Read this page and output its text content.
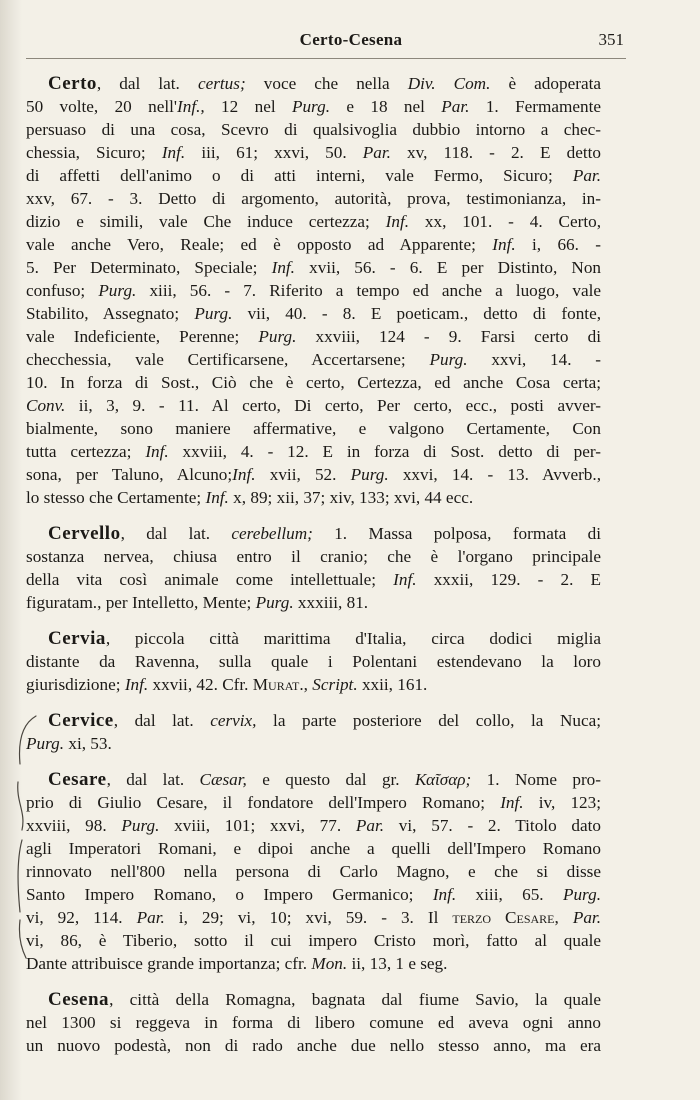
Certo-Cesena	351
Certo, dal lat. certus; voce che nella Div. Com. è adoperata
50 volte, 20 nell'Inf., 12 nel Purg. e 18 nel Par. 1. Fermamente
persuaso di una cosa, Scevro di qualsivoglia dubbio intorno a chec-
chessia, Sicuro; Inf. iii, 61; xxvi, 50. Par. xv, 118. - 2. E detto
di affetti dell'animo o di atti interni, vale Fermo, Sicuro; Par.
xxv, 67. - 3. Detto di argomento, autorità, prova, testimonianza, in-
dizio e simili, vale Che induce certezza; Inf. xx, 101. - 4. Certo,
vale anche Vero, Reale; ed è opposto ad Apparente; Inf. i, 66. -
5. Per Determinato, Speciale; Inf. xvii, 56. - 6. E per Distinto, Non
confuso; Purg. xiii, 56. - 7. Riferito a tempo ed anche a luogo, vale
Stabilito, Assegnato; Purg. vii, 40. - 8. E poeticam., detto di fonte,
vale Indeficiente, Perenne; Purg. xxviii, 124 - 9. Farsi certo di
checchessia, vale Certificarsene, Accertarsene; Purg. xxvi, 14. -
10. In forza di Sost., Ciò che è certo, Certezza, ed anche Cosa certa;
Conv. ii, 3, 9. - 11. Al certo, Di certo, Per certo, ecc., posti avver-
bialmente, sono maniere affermative, e valgono Certamente, Con
tutta certezza; Inf. xxviii, 4. - 12. E in forza di Sost. detto di per-
sona, per Taluno, Alcuno;Inf. xvii, 52. Purg. xxvi, 14. - 13. Avverb.,
lo stesso che Certamente; Inf. x, 89; xii, 37; xiv, 133; xvi, 44 ecc.
Cervello, dal lat. cerebellum; 1. Massa polposa, formata di
sostanza nervea, chiusa entro il cranio; che è l'organo principale
della vita così animale come intellettuale; Inf. xxxii, 129. - 2. E
figuratam., per Intelletto, Mente; Purg. xxxiii, 81.
Cervia, piccola città marittima d'Italia, circa dodici miglia
distante da Ravenna, sulla quale i Polentani estendevano la loro
giurisdizione; Inf. xxvii, 42. Cfr. Murat., Script. xxii, 161.
Cervice, dal lat. cervix, la parte posteriore del collo, la Nuca;
Purg. xi, 53.
Cesare, dal lat. Cæsar, e questo dal gr. Καῖσαρ; 1. Nome pro-
prio di Giulio Cesare, il fondatore dell'Impero Romano; Inf. iv, 123;
xxviii, 98. Purg. xviii, 101; xxvi, 77. Par. vi, 57. - 2. Titolo dato
agli Imperatori Romani, e dipoi anche a quelli dell'Impero Romano
rinnovato nell'800 nella persona di Carlo Magno, e che si disse
Santo Impero Romano, o Impero Germanico; Inf. xiii, 65. Purg.
vi, 92, 114. Par. i, 29; vi, 10; xvi, 59. - 3. Il terzo Cesare, Par.
vi, 86, è Tiberio, sotto il cui impero Cristo morì, fatto al quale
Dante attribuisce grande importanza; cfr. Mon. ii, 13, 1 e seg.
Cesena, città della Romagna, bagnata dal fiume Savio, la quale
nel 1300 si reggeva in forma di libero comune ed aveva ogni anno
un nuovo podestà, non di rado anche due nello stesso anno, ma era
